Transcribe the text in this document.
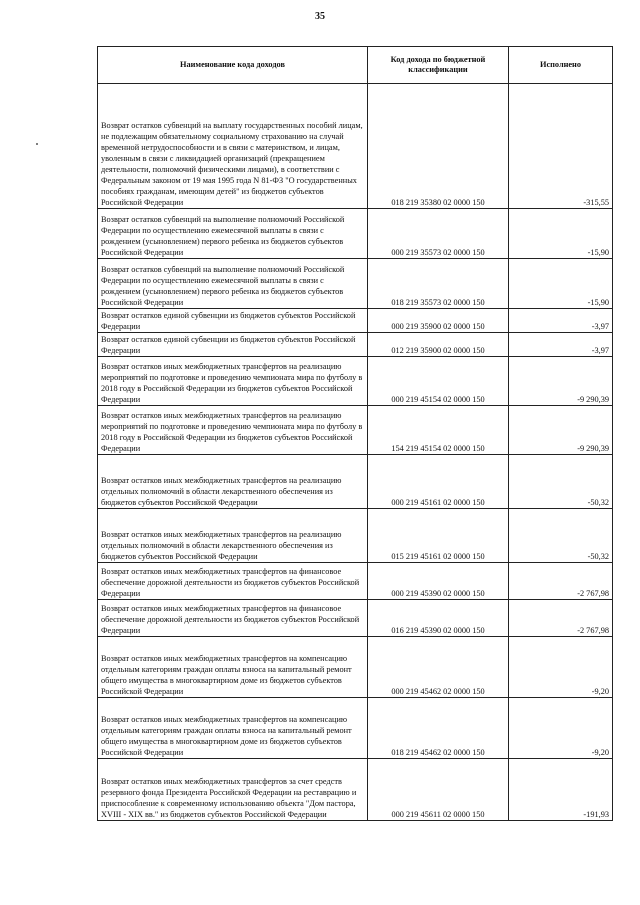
35
Наименование кода доходов	Код дохода по бюджетной классификации	Исполнено
Возврат остатков субвенций на выплату государственных пособий лицам, не подлежащим обязательному социальному страхованию на случай временной нетрудоспособности и в связи с материнством, и лицам, уволенным в связи с ликвидацией организаций (прекращением деятельности, полномочий физическими лицами), в соответствии с Федеральным законом от 19 мая 1995 года N 81-ФЗ "О государственных пособиях гражданам, имеющим детей" из бюджетов субъектов Российской Федерации	018 219 35380 02 0000 150	-315,55
Возврат остатков субвенций на выполнение полномочий Российской Федерации по осуществлению ежемесячной выплаты в связи с рождением (усыновлением) первого ребенка из бюджетов субъектов Российской Федерации	000 219 35573 02 0000 150	-15,90
Возврат остатков субвенций на выполнение полномочий Российской Федерации по осуществлению ежемесячной выплаты в связи с рождением (усыновлением) первого ребенка из бюджетов субъектов Российской Федерации	018 219 35573 02 0000 150	-15,90
Возврат остатков единой субвенции из бюджетов субъектов Российской Федерации	000 219 35900 02 0000 150	-3,97
Возврат остатков единой субвенции из бюджетов субъектов Российской Федерации	012 219 35900 02 0000 150	-3,97
Возврат остатков иных межбюджетных трансфертов на реализацию мероприятий по подготовке и проведению чемпионата мира по футболу в 2018 году в Российской Федерации из бюджетов субъектов Российской Федерации	000 219 45154 02 0000 150	-9 290,39
Возврат остатков иных межбюджетных трансфертов на реализацию мероприятий по подготовке и проведению чемпионата мира по футболу в 2018 году в Российской Федерации из бюджетов субъектов Российской Федерации	154 219 45154 02 0000 150	-9 290,39
Возврат остатков иных межбюджетных трансфертов на реализацию отдельных полномочий в области лекарственного обеспечения из бюджетов субъектов Российской Федерации	000 219 45161 02 0000 150	-50,32
Возврат остатков иных межбюджетных трансфертов на реализацию отдельных полномочий в области лекарственного обеспечения из бюджетов субъектов Российской Федерации	015 219 45161 02 0000 150	-50,32
Возврат остатков иных межбюджетных трансфертов на финансовое обеспечение дорожной деятельности из бюджетов субъектов Российской Федерации	000 219 45390 02 0000 150	-2 767,98
Возврат остатков иных межбюджетных трансфертов на финансовое обеспечение дорожной деятельности из бюджетов субъектов Российской Федерации	016 219 45390 02 0000 150	-2 767,98
Возврат остатков иных межбюджетных трансфертов на компенсацию отдельным категориям граждан оплаты взноса на капитальный ремонт общего имущества в многоквартирном доме из бюджетов субъектов Российской Федерации	000 219 45462 02 0000 150	-9,20
Возврат остатков иных межбюджетных трансфертов на компенсацию отдельным категориям граждан оплаты взноса на капитальный ремонт общего имущества в многоквартирном доме из бюджетов субъектов Российской Федерации	018 219 45462 02 0000 150	-9,20
Возврат остатков иных межбюджетных трансфертов за счет средств резервного фонда Президента Российской Федерации на реставрацию и приспособление к современному использованию объекта "Дом пастора, XVIII - XIX вв." из бюджетов субъектов Российской Федерации	000 219 45611 02 0000 150	-191,93
